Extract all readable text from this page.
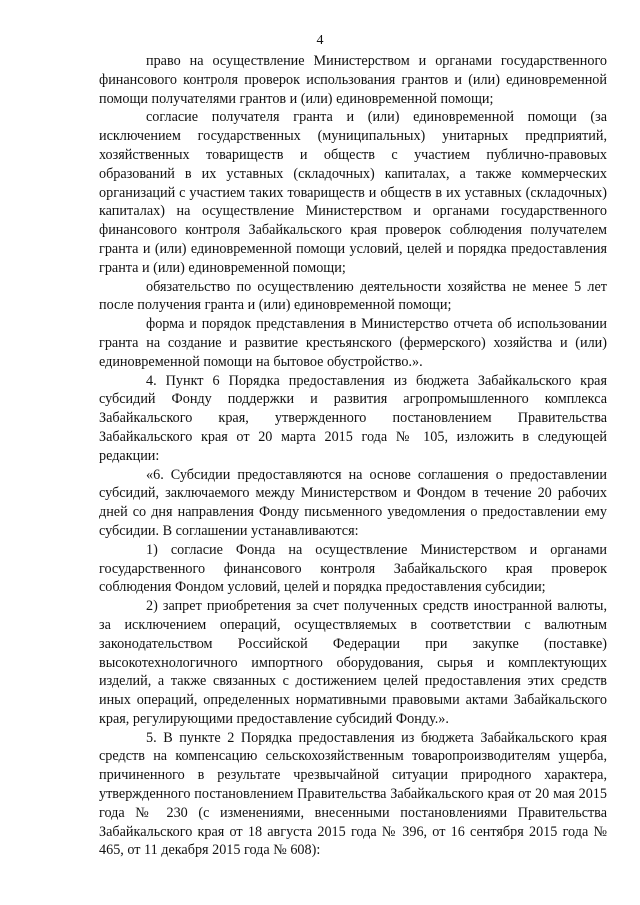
4

право на осуществление Министерством и органами государственного финансового контроля проверок использования грантов и (или) единовременной помощи получателями грантов и (или) единовременной помощи;

согласие получателя гранта и (или) единовременной помощи (за исключением государственных (муниципальных) унитарных предприятий, хозяйственных товариществ и обществ с участием публично-правовых образований в их уставных (складочных) капиталах, а также коммерческих организаций с участием таких товариществ и обществ в их уставных (складочных) капиталах) на осуществление Министерством и органами государственного финансового контроля Забайкальского края проверок соблюдения получателем гранта и (или) единовременной помощи условий, целей и порядка предоставления гранта и (или) единовременной помощи;

обязательство по осуществлению деятельности хозяйства не менее 5 лет после получения гранта и (или) единовременной помощи;

форма и порядок представления в Министерство отчета об использовании гранта на создание и развитие крестьянского (фермерского) хозяйства и (или) единовременной помощи на бытовое обустройство.».

4. Пункт 6 Порядка предоставления из бюджета Забайкальского края субсидий Фонду поддержки и развития агропромышленного комплекса Забайкальского края, утвержденного постановлением Правительства Забайкальского края от 20 марта 2015 года № 105, изложить в следующей редакции:

«6. Субсидии предоставляются на основе соглашения о предоставлении субсидий, заключаемого между Министерством и Фондом в течение 20 рабочих дней со дня направления Фонду письменного уведомления о предоставлении ему субсидии. В соглашении устанавливаются:

1) согласие Фонда на осуществление Министерством и органами государственного финансового контроля Забайкальского края проверок соблюдения Фондом условий, целей и порядка предоставления субсидии;

2) запрет приобретения за счет полученных средств иностранной валюты, за исключением операций, осуществляемых в соответствии с валютным законодательством Российской Федерации при закупке (поставке) высокотехнологичного импортного оборудования, сырья и комплектующих изделий, а также связанных с достижением целей предоставления этих средств иных операций, определенных нормативными правовыми актами Забайкальского края, регулирующими предоставление субсидий Фонду.».

5. В пункте 2 Порядка предоставления из бюджета Забайкальского края средств на компенсацию сельскохозяйственным товаропроизводителям ущерба, причиненного в результате чрезвычайной ситуации природного характера, утвержденного постановлением Правительства Забайкальского края от 20 мая 2015 года № 230 (с изменениями, внесенными постановлениями Правительства Забайкальского края от 18 августа 2015 года № 396, от 16 сентября 2015 года № 465, от 11 декабря 2015 года № 608):
